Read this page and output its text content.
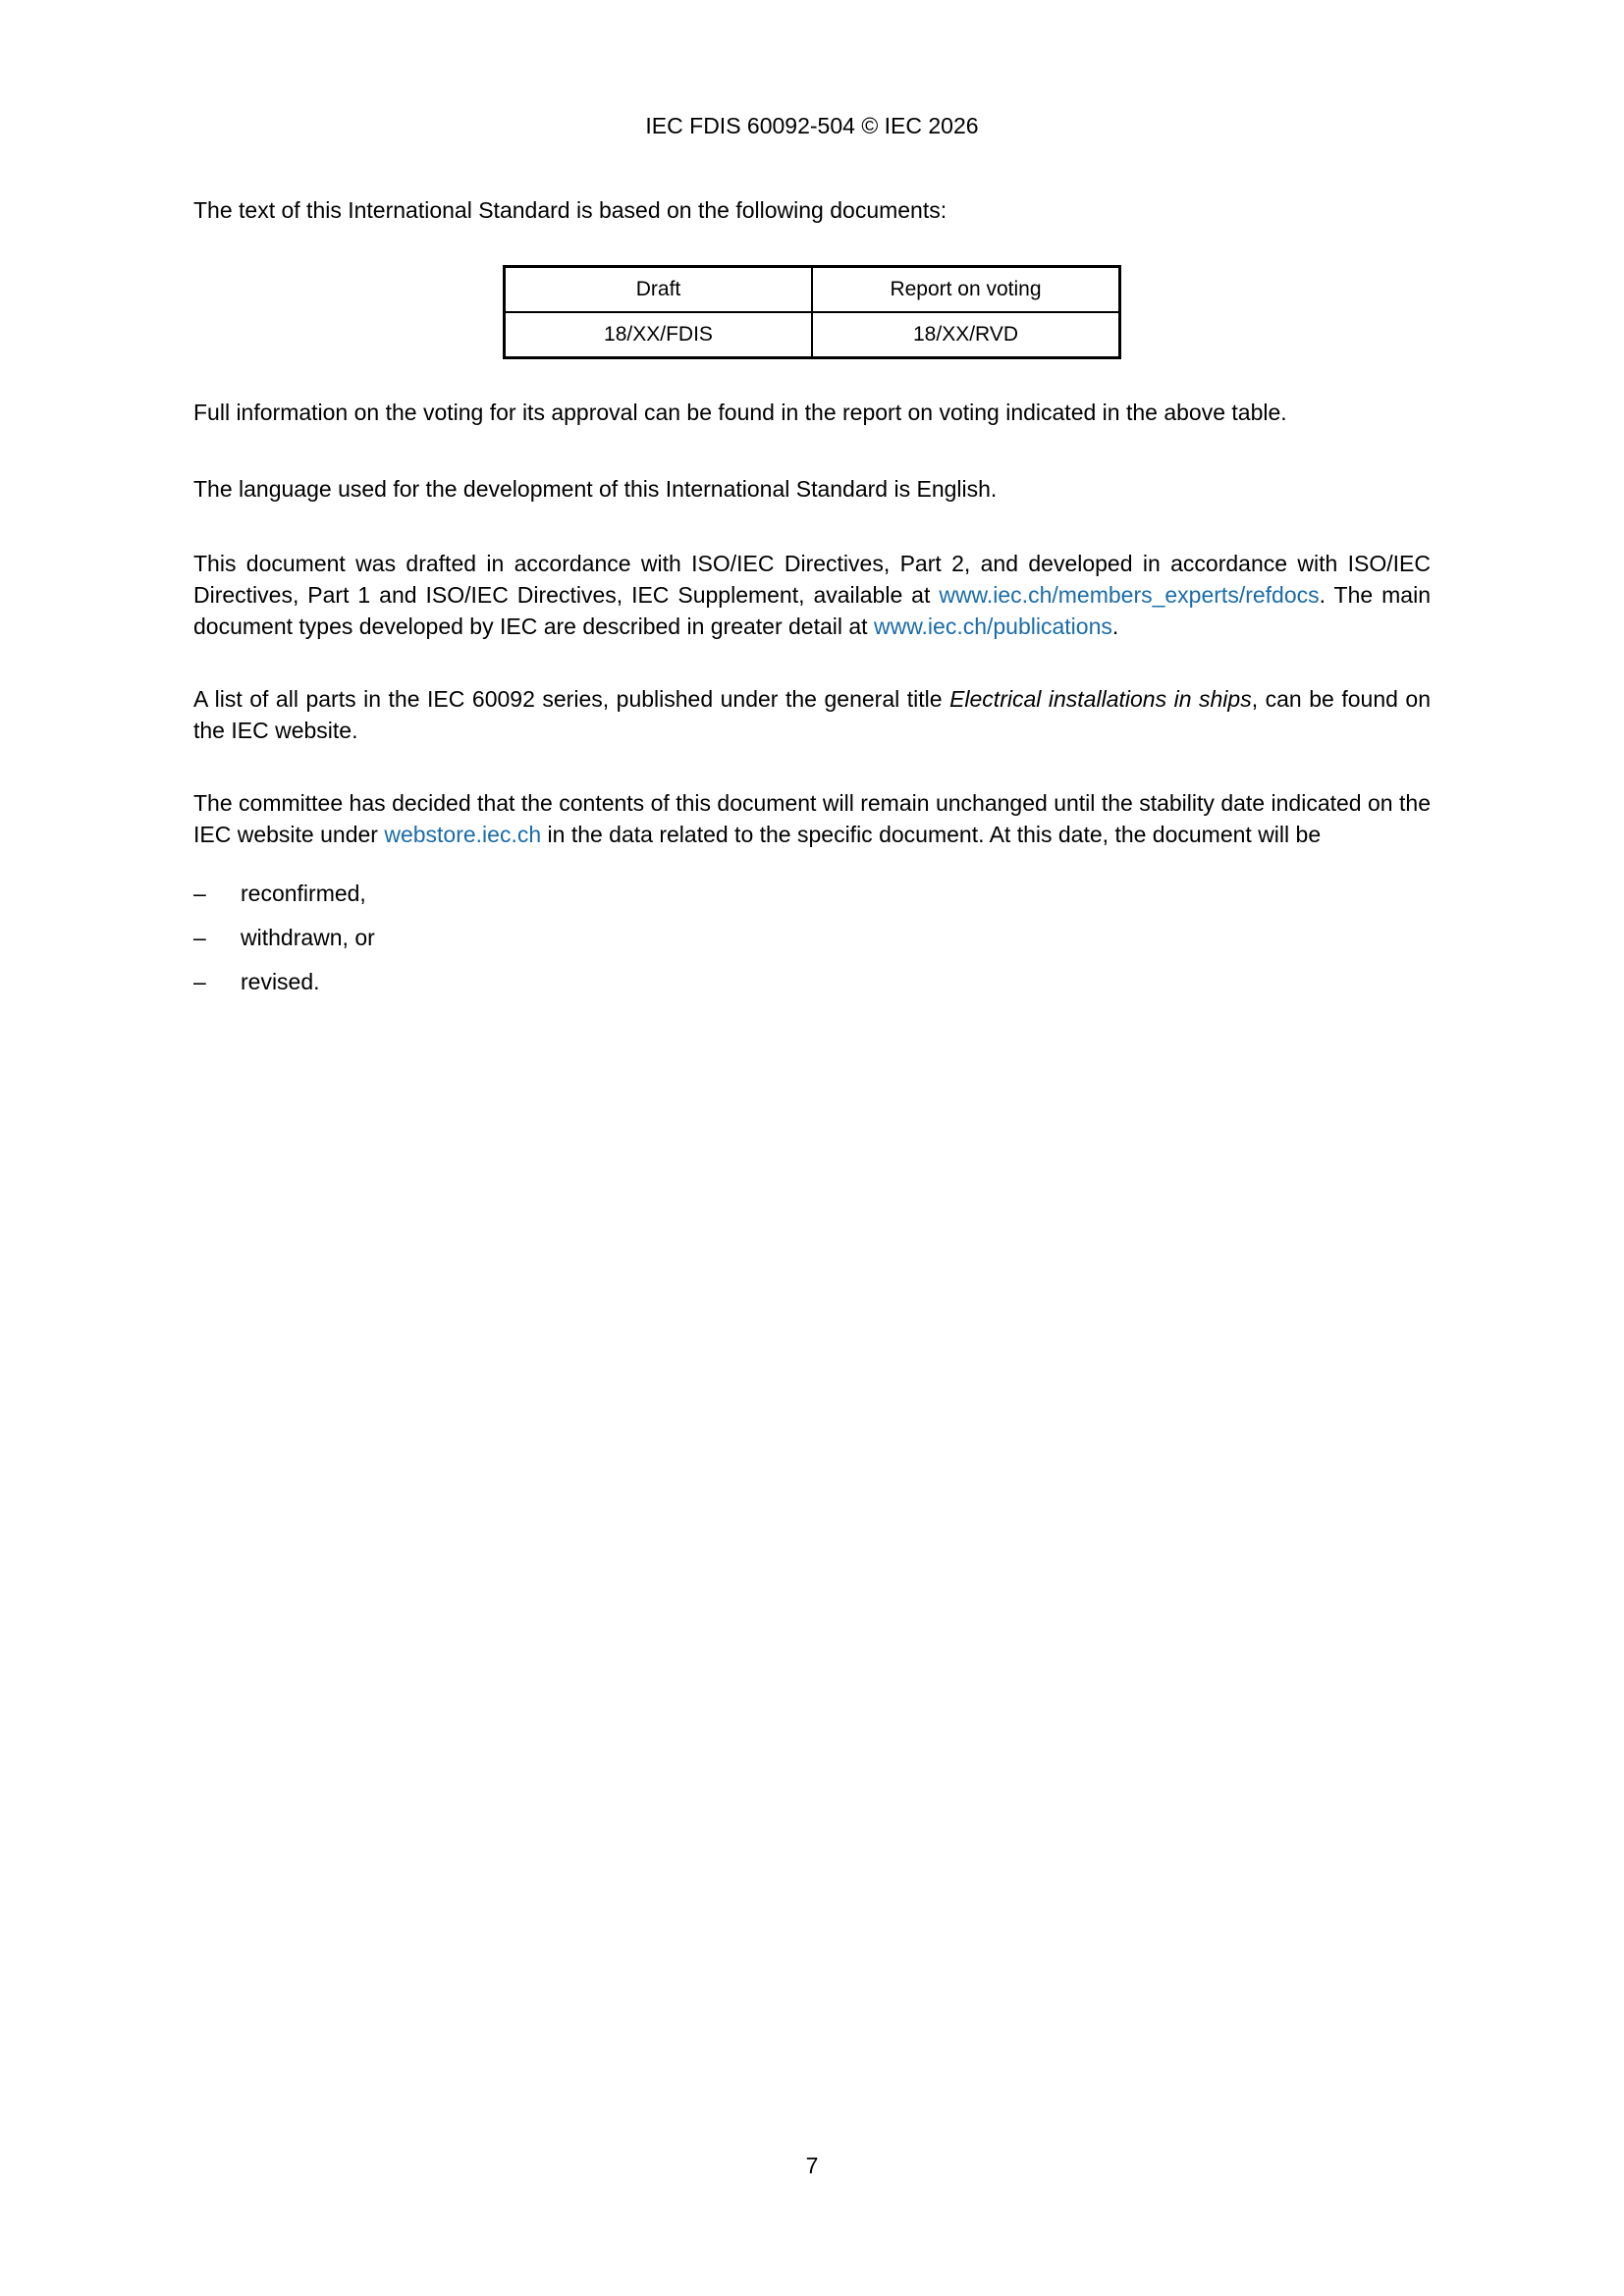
IEC FDIS 60092-504 © IEC 2026

The text of this International Standard is based on the following documents:

Draft	Report on voting
18/XX/FDIS	18/XX/RVD

Full information on the voting for its approval can be found in the report on voting indicated in the above table.

The language used for the development of this International Standard is English.

This document was drafted in accordance with ISO/IEC Directives, Part 2, and developed in accordance with ISO/IEC Directives, Part 1 and ISO/IEC Directives, IEC Supplement, available at www.iec.ch/members_experts/refdocs. The main document types developed by IEC are described in greater detail at www.iec.ch/publications.

A list of all parts in the IEC 60092 series, published under the general title Electrical installations in ships, can be found on the IEC website.

The committee has decided that the contents of this document will remain unchanged until the stability date indicated on the IEC website under webstore.iec.ch in the data related to the specific document. At this date, the document will be

–	reconfirmed,
–	withdrawn, or
–	revised.
7
